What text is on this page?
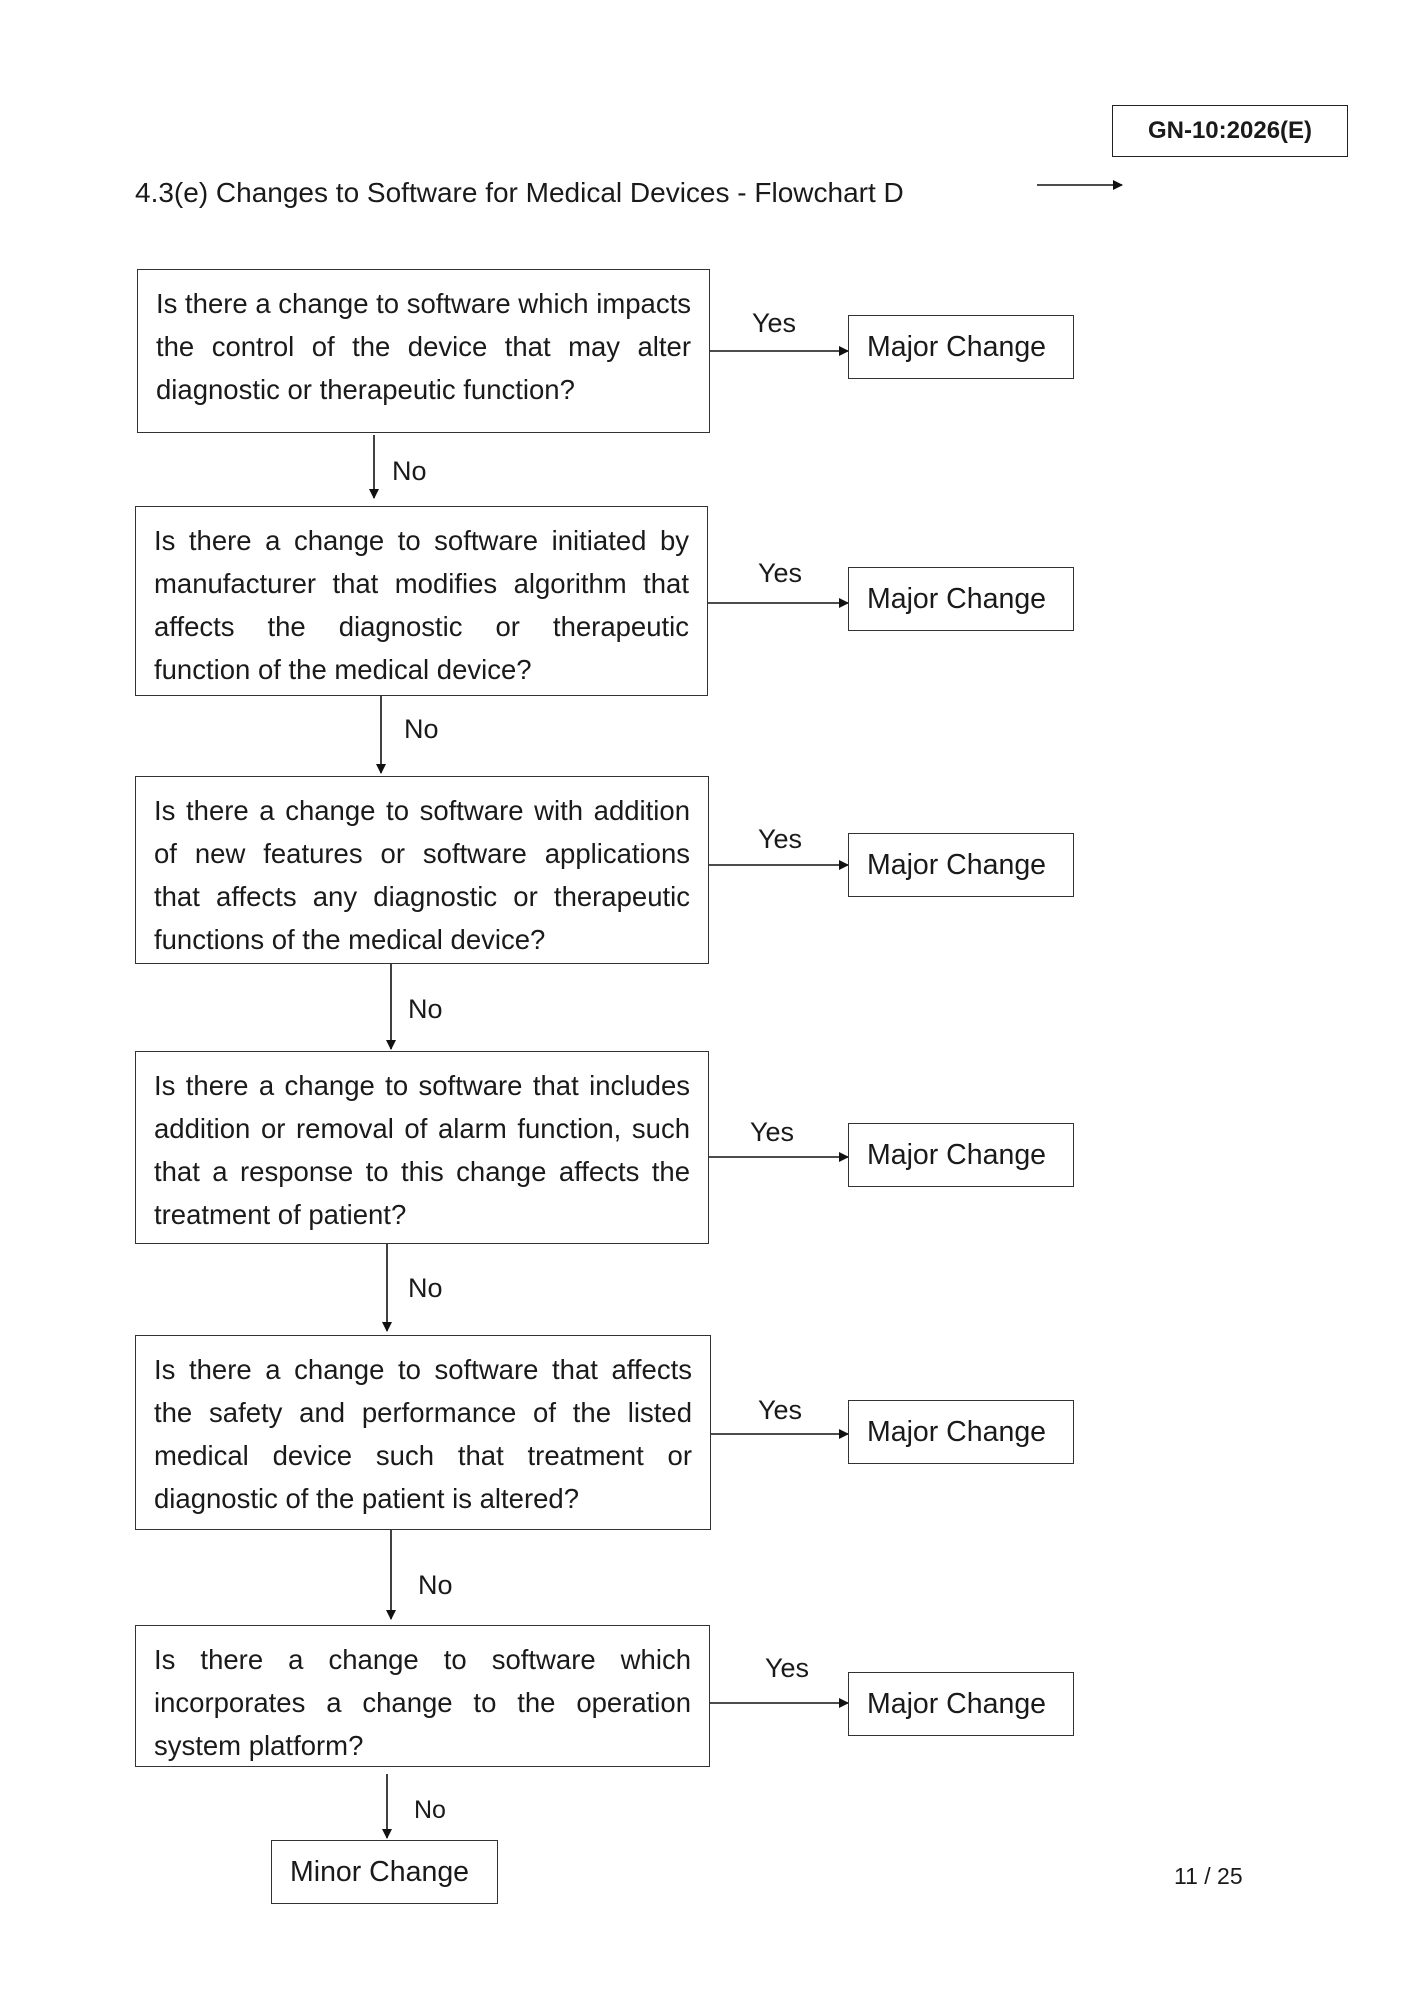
GN-10:2026(E)
4.3(e) Changes to Software for Medical Devices - Flowchart D
Is there a change to software which impacts the control of the device that may alter diagnostic or therapeutic function?
Yes
Major Change
No
Is there a change to software initiated by manufacturer that modifies algorithm that affects the diagnostic or therapeutic function of the medical device?
Yes
Major Change
No
Is there a change to software with addition of new features or software applications that affects any diagnostic or therapeutic functions of the medical device?
Yes
Major Change
No
Is there a change to software that includes addition or removal of alarm function, such that a response to this change affects the treatment of patient?
Yes
Major Change
No
Is there a change to software that affects the safety and performance of the listed medical device such that treatment or diagnostic of the patient is altered?
Yes
Major Change
No
Is there a change to software which incorporates a change to the operation system platform?
Yes
Major Change
No
Minor Change	11 / 25
